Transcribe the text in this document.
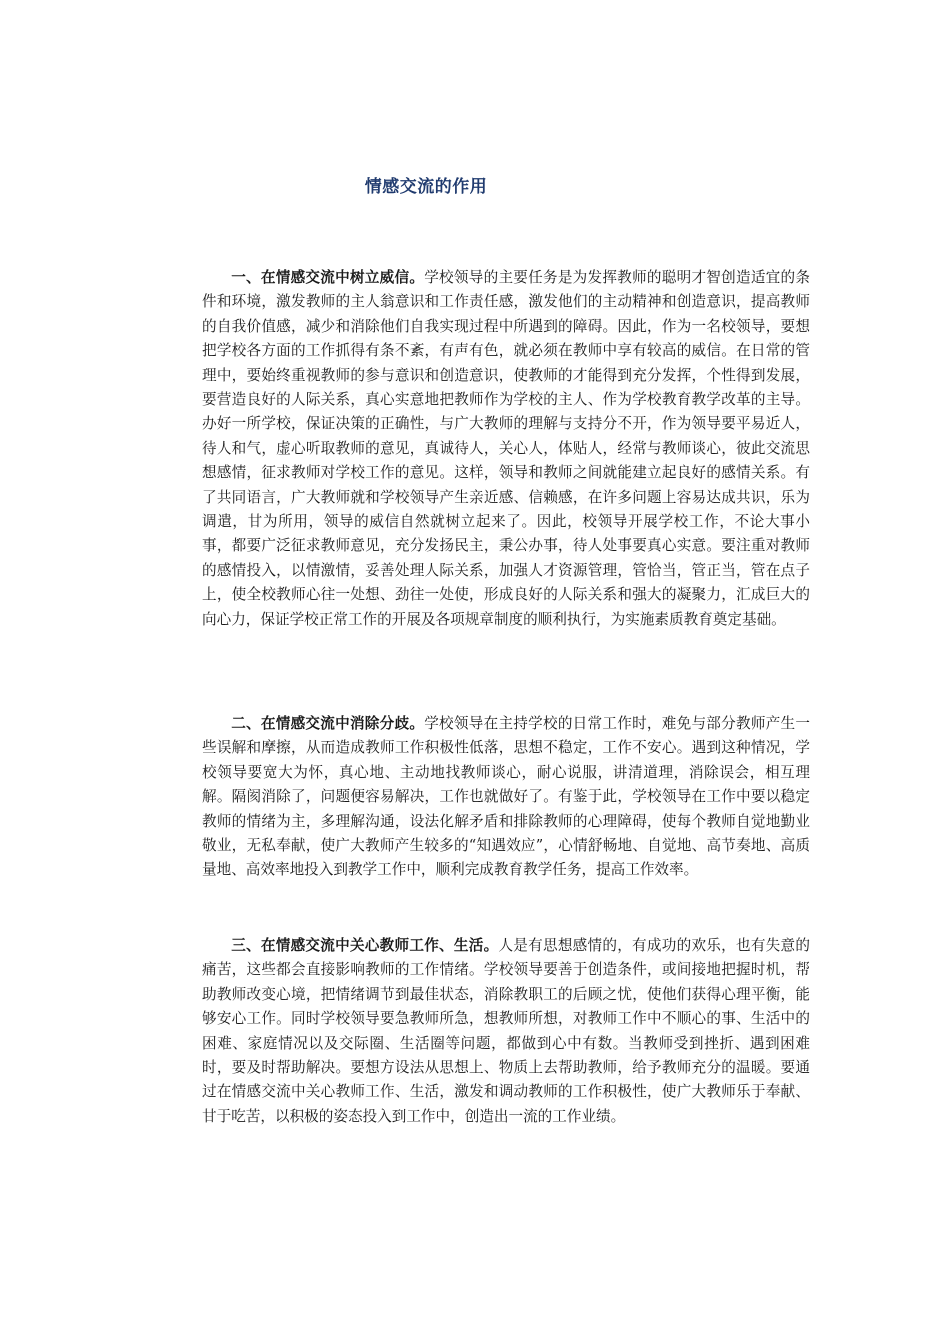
情感交流的作用

一、在情感交流中树立威信。学校领导的主要任务是为发挥教师的聪明才智创造适宜的条件和环境，激发教师的主人翁意识和工作责任感，激发他们的主动精神和创造意识，提高教师的自我价值感，减少和消除他们自我实现过程中所遇到的障碍。因此，作为一名校领导，要想把学校各方面的工作抓得有条不紊，有声有色，就必须在教师中享有较高的威信。在日常的管理中，要始终重视教师的参与意识和创造意识，使教师的才能得到充分发挥，个性得到发展，要营造良好的人际关系，真心实意地把教师作为学校的主人、作为学校教育教学改革的主导。办好一所学校，保证决策的正确性，与广大教师的理解与支持分不开，作为领导要平易近人，待人和气，虚心听取教师的意见，真诚待人，关心人，体贴人，经常与教师谈心，彼此交流思想感情，征求教师对学校工作的意见。这样，领导和教师之间就能建立起良好的感情关系。有了共同语言，广大教师就和学校领导产生亲近感、信赖感，在许多问题上容易达成共识，乐为调遣，甘为所用，领导的威信自然就树立起来了。因此，校领导开展学校工作，不论大事小事，都要广泛征求教师意见，充分发扬民主，秉公办事，待人处事要真心实意。要注重对教师的感情投入，以情激情，妥善处理人际关系，加强人才资源管理，管恰当，管正当，管在点子上，使全校教师心往一处想、劲往一处使，形成良好的人际关系和强大的凝聚力，汇成巨大的向心力，保证学校正常工作的开展及各项规章制度的顺利执行，为实施素质教育奠定基础。

二、在情感交流中消除分歧。学校领导在主持学校的日常工作时，难免与部分教师产生一些误解和摩擦，从而造成教师工作积极性低落，思想不稳定，工作不安心。遇到这种情况，学校领导要宽大为怀，真心地、主动地找教师谈心，耐心说服，讲清道理，消除误会，相互理解。隔阂消除了，问题便容易解决，工作也就做好了。有鉴于此，学校领导在工作中要以稳定教师的情绪为主，多理解沟通，设法化解矛盾和排除教师的心理障碍，使每个教师自觉地勤业敬业，无私奉献，使广大教师产生较多的“知遇效应”，心情舒畅地、自觉地、高节奏地、高质量地、高效率地投入到教学工作中，顺利完成教育教学任务，提高工作效率。

三、在情感交流中关心教师工作、生活。人是有思想感情的，有成功的欢乐，也有失意的痛苦，这些都会直接影响教师的工作情绪。学校领导要善于创造条件，或间接地把握时机，帮助教师改变心境，把情绪调节到最佳状态，消除教职工的后顾之忧，使他们获得心理平衡，能够安心工作。同时学校领导要急教师所急，想教师所想，对教师工作中不顺心的事、生活中的困难、家庭情况以及交际圈、生活圈等问题，都做到心中有数。当教师受到挫折、遇到困难时，要及时帮助解决。要想方设法从思想上、物质上去帮助教师，给予教师充分的温暖。要通过在情感交流中关心教师工作、生活，激发和调动教师的工作积极性，使广大教师乐于奉献、甘于吃苦，以积极的姿态投入到工作中，创造出一流的工作业绩。
